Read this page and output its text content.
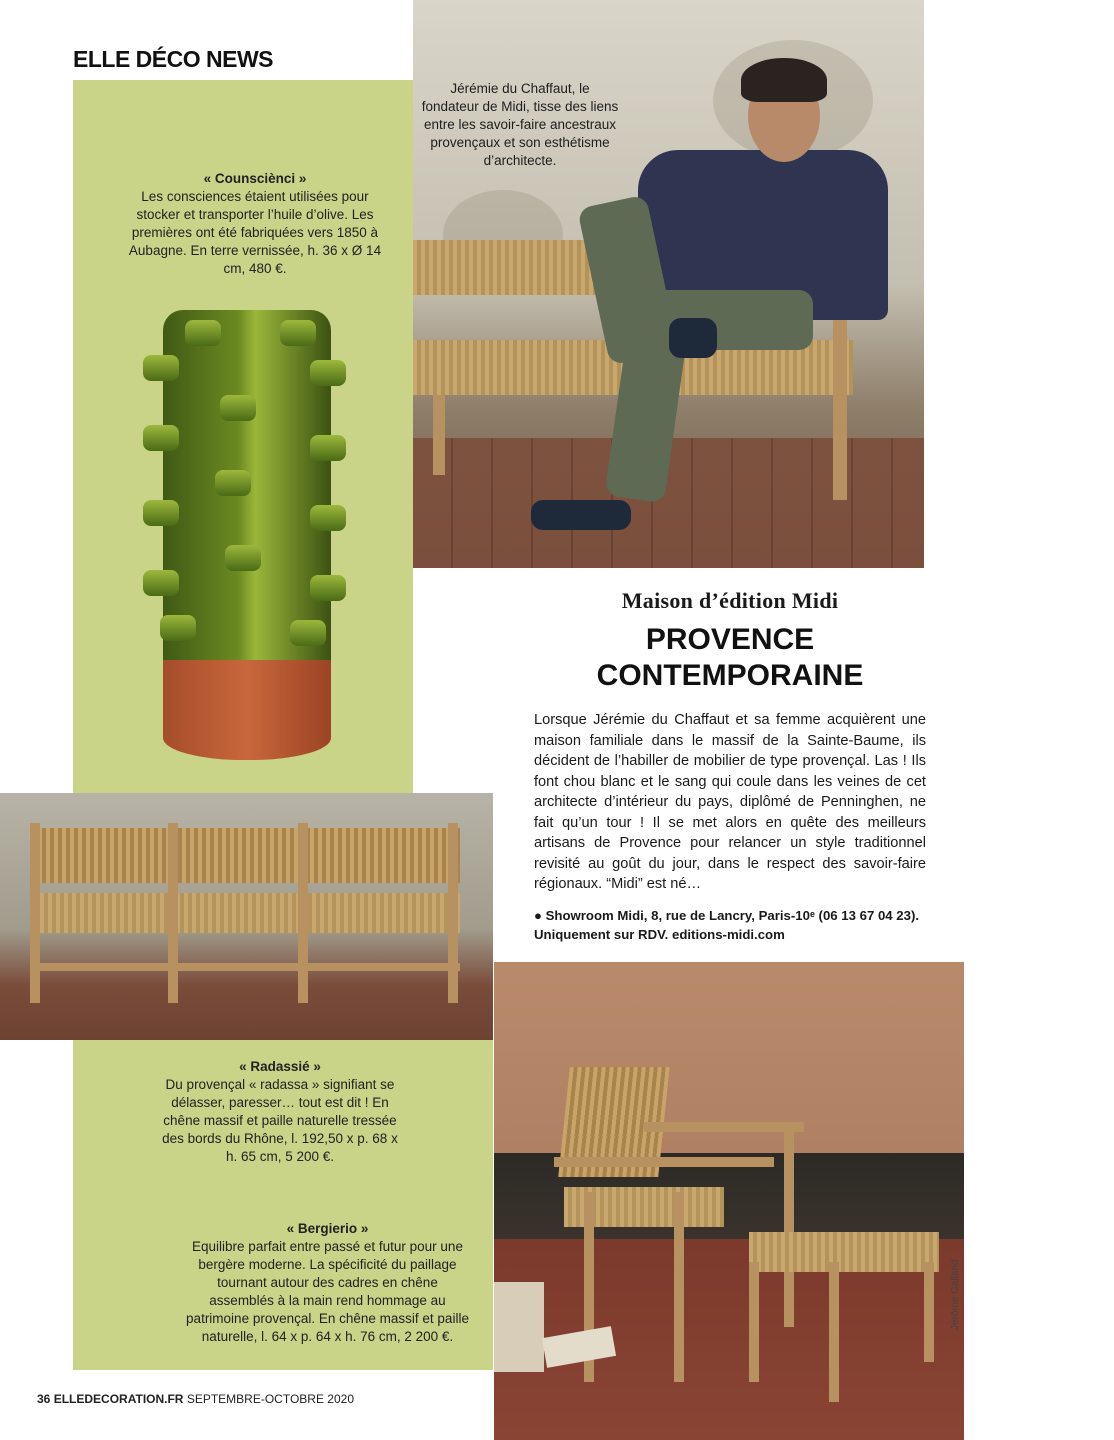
ELLE DÉCO NEWS
Jérémie du Chaffaut, le fondateur de Midi, tisse des liens entre les savoir-faire ancestraux provençaux et son esthétisme d’architecte.
« Counsciènci »
Les consciences étaient utilisées pour stocker et transporter l’huile d’olive. Les premières ont été fabriquées vers 1850 à Aubagne. En terre vernissée, h. 36 x Ø 14 cm, 480 €.
Maison d’édition Midi
PROVENCE
CONTEMPORAINE
Lorsque Jérémie du Chaffaut et sa femme acquièrent une maison familiale dans le massif de la Sainte-Baume, ils décident de l’habiller de mobilier de type provençal. Las ! Ils font chou blanc et le sang qui coule dans les veines de cet architecte d’intérieur du pays, diplômé de Penninghen, ne fait qu’un tour ! Il se met alors en quête des meilleurs artisans de Provence pour relancer un style traditionnel revisité au goût du jour, dans le respect des savoir-faire régionaux. “Midi” est né…
● Showroom Midi, 8, rue de Lancry, Paris-10ᵉ (06 13 67 04 23). Uniquement sur RDV. editions-midi.com
« Radassié »
Du provençal « radassa » signifiant se délasser, paresser… tout est dit ! En chêne massif et paille naturelle tressée des bords du Rhône, l. 192,50 x p. 68 x h. 65 cm, 5 200 €.
« Bergierio »
Equilibre parfait entre passé et futur pour une bergère moderne. La spécificité du paillage tournant autour des cadres en chêne assemblés à la main rend hommage au patrimoine provençal. En chêne massif et paille naturelle, l. 64 x p. 64 x h. 76 cm, 2 200 €.
Jérôme Galland
36 ELLEDECORATION.FR SEPTEMBRE-OCTOBRE 2020
